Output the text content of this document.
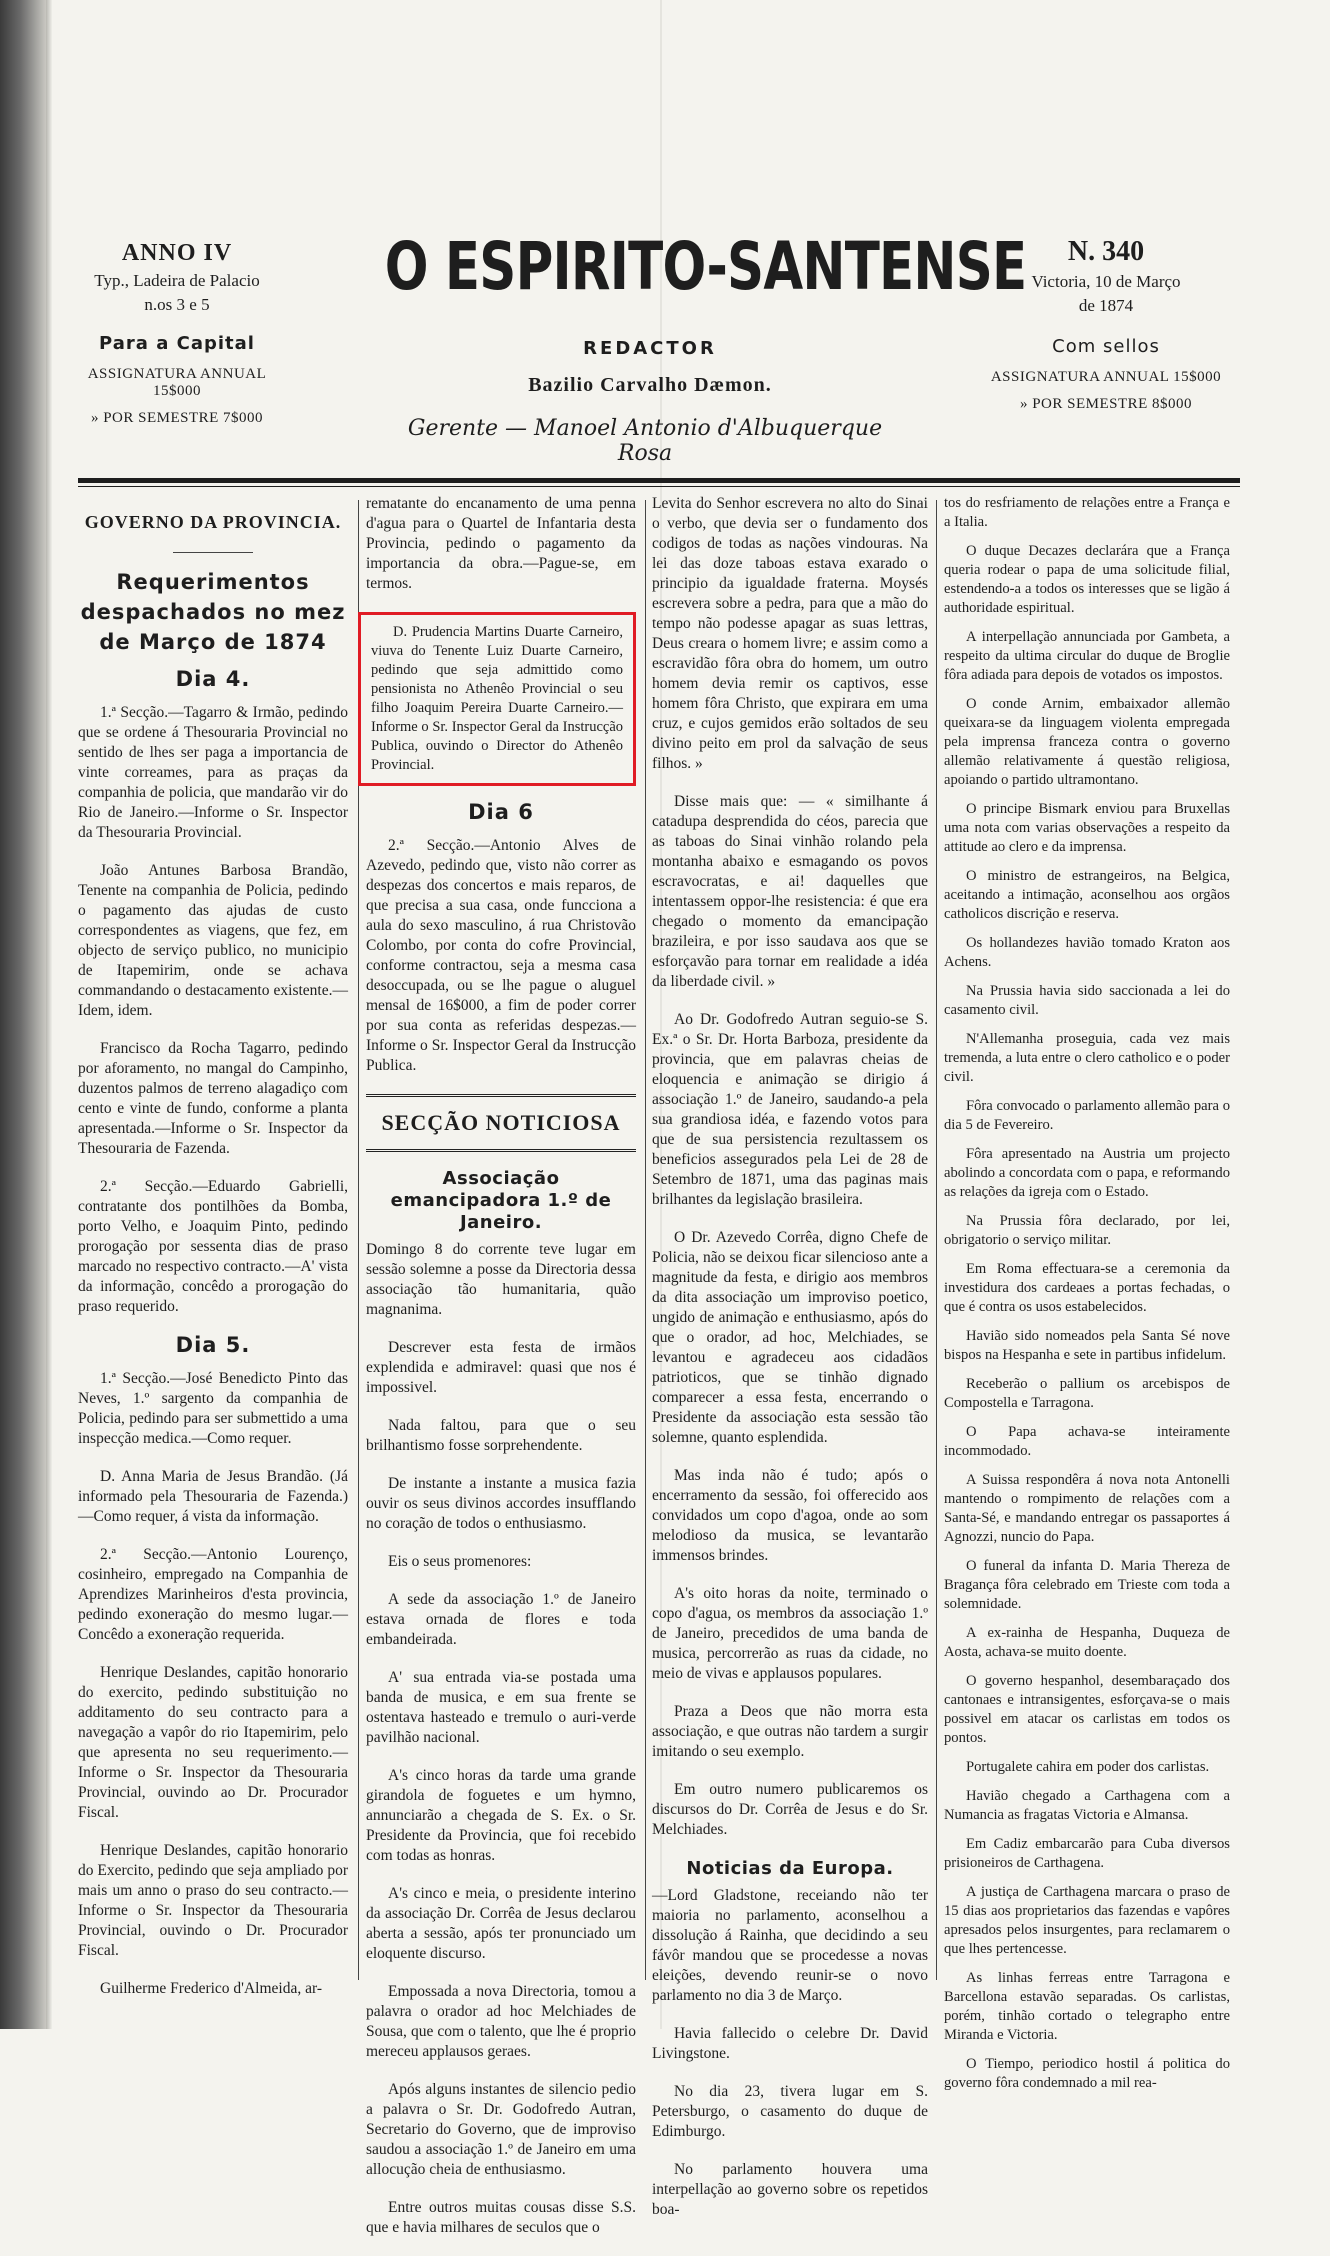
ANNO IV
Typ., Ladeira de Palacio
n.os 3 e 5
Para a Capital
ASSIGNATURA ANNUAL 15$000
» POR SEMESTRE 7$000
O ESPIRITO-SANTENSE
REDACTOR
Bazilio Carvalho Dæmon.
Gerente — Manoel Antonio d'Albuquerque Rosa
N. 340
Victoria, 10 de Março
de 1874
Com sellos
ASSIGNATURA ANNUAL 15$000
» POR SEMESTRE 8$000
GOVERNO DA PROVINCIA.
Requerimentos despachados no mez de Março de 1874
Dia 4.

1.ª Secção.—Tagarro & Irmão, pedindo que se ordene á Thesouraria Provincial no sentido de lhes ser paga a importancia de vinte correames, para as praças da companhia de policia, que mandarão vir do Rio de Janeiro.—Informe o Sr. Inspector da Thesouraria Provincial.

João Antunes Barbosa Brandão, Tenente na companhia de Policia, pedindo o pagamento das ajudas de custo correspondentes as viagens, que fez, em objecto de serviço publico, no municipio de Itapemirim, onde se achava commandando o destacamento existente.—Idem, idem.

Francisco da Rocha Tagarro, pedindo por aforamento, no mangal do Campinho, duzentos palmos de terreno alagadiço com cento e vinte de fundo, conforme a planta apresentada.—Informe o Sr. Inspector da Thesouraria de Fazenda.

2.ª Secção.—Eduardo Gabrielli, contratante dos pontilhões da Bomba, porto Velho, e Joaquim Pinto, pedindo prorogação por sessenta dias de praso marcado no respectivo contracto.—A' vista da informação, concêdo a prorogação do praso requerido.

Dia 5.

1.ª Secção.—José Benedicto Pinto das Neves, 1.º sargento da companhia de Policia, pedindo para ser submettido a uma inspecção medica.—Como requer.

D. Anna Maria de Jesus Brandão. (Já informado pela Thesouraria de Fazenda.)—Como requer, á vista da informação.

2.ª Secção.—Antonio Lourenço, cosinheiro, empregado na Companhia de Aprendizes Marinheiros d'esta provincia, pedindo exoneração do mesmo lugar.—Concêdo a exoneração requerida.

Henrique Deslandes, capitão honorario do exercito, pedindo substituição no additamento do seu contracto para a navegação a vapôr do rio Itapemirim, pelo que apresenta no seu requerimento.—Informe o Sr. Inspector da Thesouraria Provincial, ouvindo ao Dr. Procurador Fiscal.

Henrique Deslandes, capitão honorario do Exercito, pedindo que seja ampliado por mais um anno o praso do seu contracto.—Informe o Sr. Inspector da Thesouraria Provincial, ouvindo o Dr. Procurador Fiscal.

Guilherme Frederico d'Almeida, ar-

rematante do encanamento de uma penna d'agua para o Quartel de Infantaria desta Provincia, pedindo o pagamento da importancia da obra.—Pague-se, em termos.

D. Prudencia Martins Duarte Carneiro, viuva do Tenente Luiz Duarte Carneiro, pedindo que seja admittido como pensionista no Athenêo Provincial o seu filho Joaquim Pereira Duarte Carneiro.—Informe o Sr. Inspector Geral da Instrucção Publica, ouvindo o Director do Athenêo Provincial.

Dia 6

2.ª Secção.—Antonio Alves de Azevedo, pedindo que, visto não correr as despezas dos concertos e mais reparos, de que precisa a sua casa, onde funcciona a aula do sexo masculino, á rua Christovão Colombo, por conta do cofre Provincial, conforme contractou, seja a mesma casa desoccupada, ou se lhe pague o aluguel mensal de 16$000, a fim de poder correr por sua conta as referidas despezas.—Informe o Sr. Inspector Geral da Instrucção Publica.

SECÇÃO NOTICIOSA
Associação emancipadora 1.º de Janeiro.

Domingo 8 do corrente teve lugar em sessão solemne a posse da Directoria dessa associação tão humanitaria, quão magnanima.

Descrever esta festa de irmãos explendida e admiravel: quasi que nos é impossivel.

Nada faltou, para que o seu brilhantismo fosse sorprehendente.

De instante a instante a musica fazia ouvir os seus divinos accordes insufflando no coração de todos o enthusiasmo.

Eis o seus promenores:

A sede da associação 1.º de Janeiro estava ornada de flores e toda embandeirada.

A' sua entrada via-se postada uma banda de musica, e em sua frente se ostentava hasteado e tremulo o auri-verde pavilhão nacional.

A's cinco horas da tarde uma grande girandola de foguetes e um hymno, annunciarão a chegada de S. Ex. o Sr. Presidente da Provincia, que foi recebido com todas as honras.

A's cinco e meia, o presidente interino da associação Dr. Corrêa de Jesus declarou aberta a sessão, após ter pronunciado um eloquente discurso.

Empossada a nova Directoria, tomou a palavra o orador ad hoc Melchiades de Sousa, que com o talento, que lhe é proprio mereceu applausos geraes.

Após alguns instantes de silencio pedio a palavra o Sr. Dr. Godofredo Autran, Secretario do Governo, que de improviso saudou a associação 1.º de Janeiro em uma allocução cheia de enthusiasmo.

Entre outros muitas cousas disse S.S. que e havia milhares de seculos que o

Levita do Senhor escrevera no alto do Sinai o verbo, que devia ser o fundamento dos codigos de todas as nações vindouras. Na lei das doze taboas estava exarado o principio da igualdade fraterna. Moysés escrevera sobre a pedra, para que a mão do tempo não podesse apagar as suas lettras, Deus creara o homem livre; e assim como a escravidão fôra obra do homem, um outro homem devia remir os captivos, esse homem fôra Christo, que expirara em uma cruz, e cujos gemidos erão soltados de seu divino peito em prol da salvação de seus filhos. »

Disse mais que: — « similhante á catadupa desprendida do céos, parecia que as taboas do Sinai vinhão rolando pela montanha abaixo e esmagando os povos escravocratas, e ai! daquelles que intentassem oppor-lhe resistencia: é que era chegado o momento da emancipação brazileira, e por isso saudava aos que se esforçavão para tornar em realidade a idéa da liberdade civil. »

Ao Dr. Godofredo Autran seguio-se S. Ex.ª o Sr. Dr. Horta Barboza, presidente da provincia, que em palavras cheias de eloquencia e animação se dirigio á associação 1.º de Janeiro, saudando-a pela sua grandiosa idéa, e fazendo votos para que de sua persistencia rezultassem os beneficios assegurados pela Lei de 28 de Setembro de 1871, uma das paginas mais brilhantes da legislação brasileira.

O Dr. Azevedo Corrêa, digno Chefe de Policia, não se deixou ficar silencioso ante a magnitude da festa, e dirigio aos membros da dita associação um improviso poetico, ungido de animação e enthusiasmo, após do que o orador, ad hoc, Melchiades, se levantou e agradeceu aos cidadãos patrioticos, que se tinhão dignado comparecer a essa festa, encerrando o Presidente da associação esta sessão tão solemne, quanto esplendida.

Mas inda não é tudo; após o encerramento da sessão, foi offerecido aos convidados um copo d'agoa, onde ao som melodioso da musica, se levantarão immensos brindes.

A's oito horas da noite, terminado o copo d'agua, os membros da associação 1.º de Janeiro, precedidos de uma banda de musica, percorrerão as ruas da cidade, no meio de vivas e applausos populares.

Praza a Deos que não morra esta associação, e que outras não tardem a surgir imitando o seu exemplo.

Em outro numero publicaremos os discursos do Dr. Corrêa de Jesus e do Sr. Melchiades.

Noticias da Europa.

—Lord Gladstone, receiando não ter maioria no parlamento, aconselhou a dissolução á Rainha, que decidindo a seu fávôr mandou que se procedesse a novas eleições, devendo reunir-se o novo parlamento no dia 3 de Março.

Havia fallecido o celebre Dr. David Livingstone.

No dia 23, tivera lugar em S. Petersburgo, o casamento do duque de Edimburgo.

No parlamento houvera uma interpellação ao governo sobre os repetidos boa-

tos do resfriamento de relações entre a França e a Italia.

O duque Decazes declarára que a França queria rodear o papa de uma solicitude filial, estendendo-a a todos os interesses que se ligão á authoridade espiritual.

A interpellação annunciada por Gambeta, a respeito da ultima circular do duque de Broglie fôra adiada para depois de votados os impostos.

O conde Arnim, embaixador allemão queixara-se da linguagem violenta empregada pela imprensa franceza contra o governo allemão relativamente á questão religiosa, apoiando o partido ultramontano.

O principe Bismark enviou para Bruxellas uma nota com varias observações a respeito da attitude ao clero e da imprensa.

O ministro de estrangeiros, na Belgica, aceitando a intimação, aconselhou aos orgãos catholicos discrição e reserva.

Os hollandezes havião tomado Kraton aos Achens.

Na Prussia havia sido saccionada a lei do casamento civil.

N'Allemanha proseguia, cada vez mais tremenda, a luta entre o clero catholico e o poder civil.

Fôra convocado o parlamento allemão para o dia 5 de Fevereiro.

Fôra apresentado na Austria um projecto abolindo a concordata com o papa, e reformando as relações da igreja com o Estado.

Na Prussia fôra declarado, por lei, obrigatorio o serviço militar.

Em Roma effectuara-se a ceremonia da investidura dos cardeaes a portas fechadas, o que é contra os usos estabelecidos.

Havião sido nomeados pela Santa Sé nove bispos na Hespanha e sete in partibus infidelum.

Receberão o pallium os arcebispos de Compostella e Tarragona.

O Papa achava-se inteiramente incommodado.

A Suissa respondêra á nova nota Antonelli mantendo o rompimento de relações com a Santa-Sé, e mandando entregar os passaportes á Agnozzi, nuncio do Papa.

O funeral da infanta D. Maria Thereza de Bragança fôra celebrado em Trieste com toda a solemnidade.

A ex-rainha de Hespanha, Duqueza de Aosta, achava-se muito doente.

O governo hespanhol, desembaraçado dos cantonaes e intransigentes, esforçava-se o mais possivel em atacar os carlistas em todos os pontos.

Portugalete cahira em poder dos carlistas.

Havião chegado a Carthagena com a Numancia as fragatas Victoria e Almansa.

Em Cadiz embarcarão para Cuba diversos prisioneiros de Carthagena.

A justiça de Carthagena marcara o praso de 15 dias aos proprietarios das fazendas e vapôres apresados pelos insurgentes, para reclamarem o que lhes pertencesse.

As linhas ferreas entre Tarragona e Barcellona estavão separadas. Os carlistas, porém, tinhão cortado o telegrapho entre Miranda e Victoria.

O Tiempo, periodico hostil á politica do governo fôra condemnado a mil rea-
